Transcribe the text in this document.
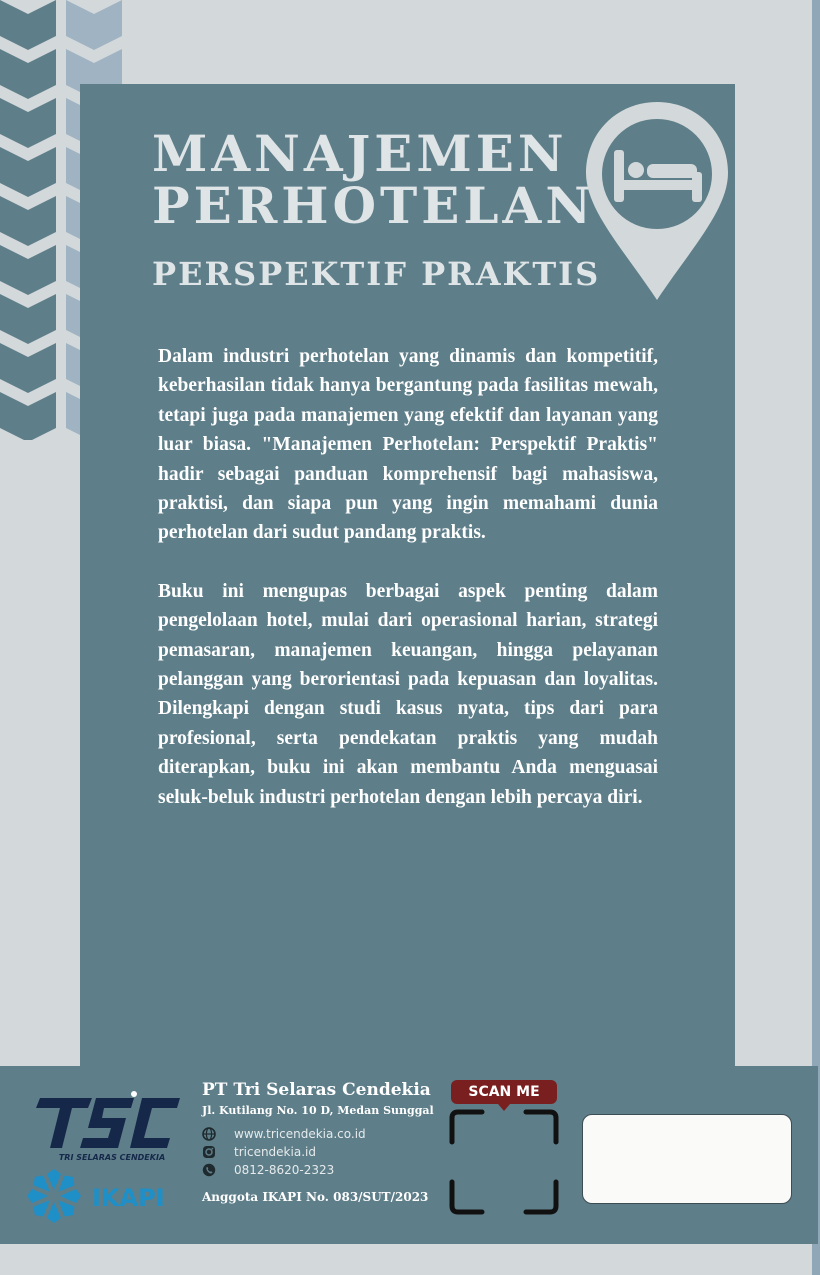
MANAJEMEN
PERHOTELAN
PERSPEKTIF PRAKTIS

Dalam industri perhotelan yang dinamis dan kompetitif, keberhasilan tidak hanya bergantung pada fasilitas mewah, tetapi juga pada manajemen yang efektif dan layanan yang luar biasa. "Manajemen Perhotelan: Perspektif Praktis" hadir sebagai panduan komprehensif bagi mahasiswa, praktisi, dan siapa pun yang ingin memahami dunia perhotelan dari sudut pandang praktis.

Buku ini mengupas berbagai aspek penting dalam pengelolaan hotel, mulai dari operasional harian, strategi pemasaran, manajemen keuangan, hingga pelayanan pelanggan yang berorientasi pada kepuasan dan loyalitas. Dilengkapi dengan studi kasus nyata, tips dari para profesional, serta pendekatan praktis yang mudah diterapkan, buku ini akan membantu Anda menguasai seluk-beluk industri perhotelan dengan lebih percaya diri.

TRI SELARAS CENDEKIA
IKAPI
PT Tri Selaras Cendekia
Jl. Kutilang No. 10 D, Medan Sunggal
www.tricendekia.co.id
tricendekia.id
0812-8620-2323
Anggota IKAPI No. 083/SUT/2023
SCAN ME
